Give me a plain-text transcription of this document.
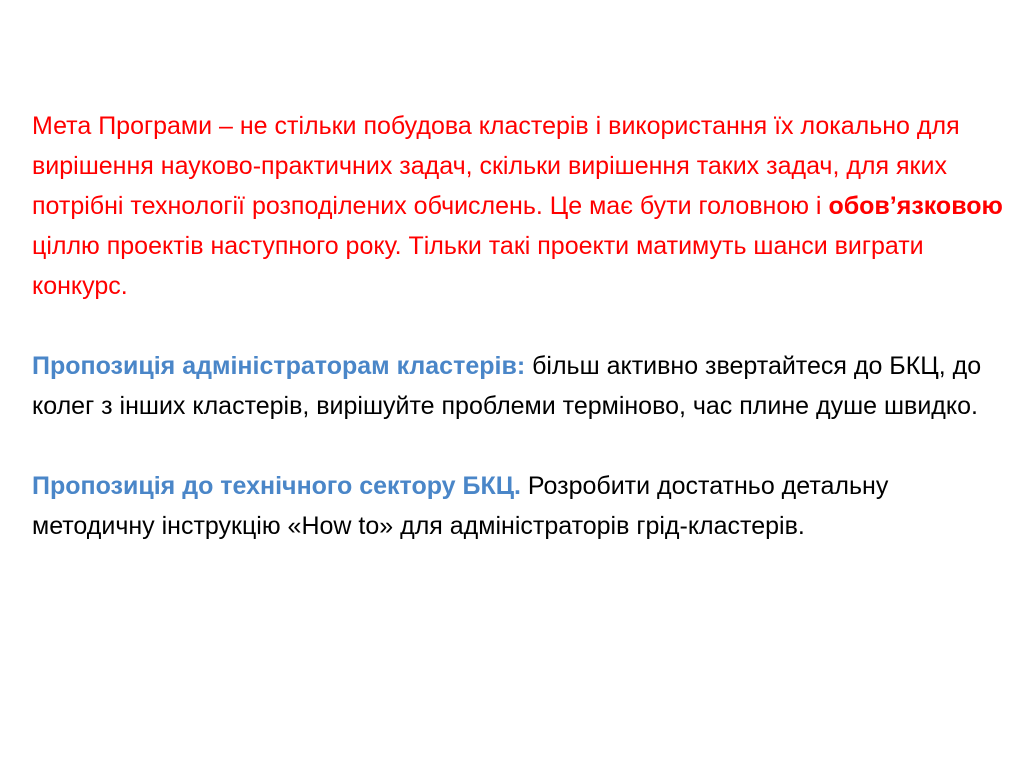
Мета Програми – не стільки побудова кластерів і використання їх локально для вирішення науково-практичних задач, скільки вирішення таких задач, для яких потрібні технології розподілених обчислень. Це має бути головною і обов’язковою ціллю проектів наступного року. Тільки такі проекти матимуть шанси виграти конкурс.

Пропозиція адміністраторам кластерів: більш активно звертайтеся до БКЦ, до колег з інших кластерів, вирішуйте проблеми терміново, час плине душе швидко.

Пропозиція до технічного сектору БКЦ. Розробити достатньо детальну методичну інструкцію «How to» для адміністраторів грід-кластерів.
